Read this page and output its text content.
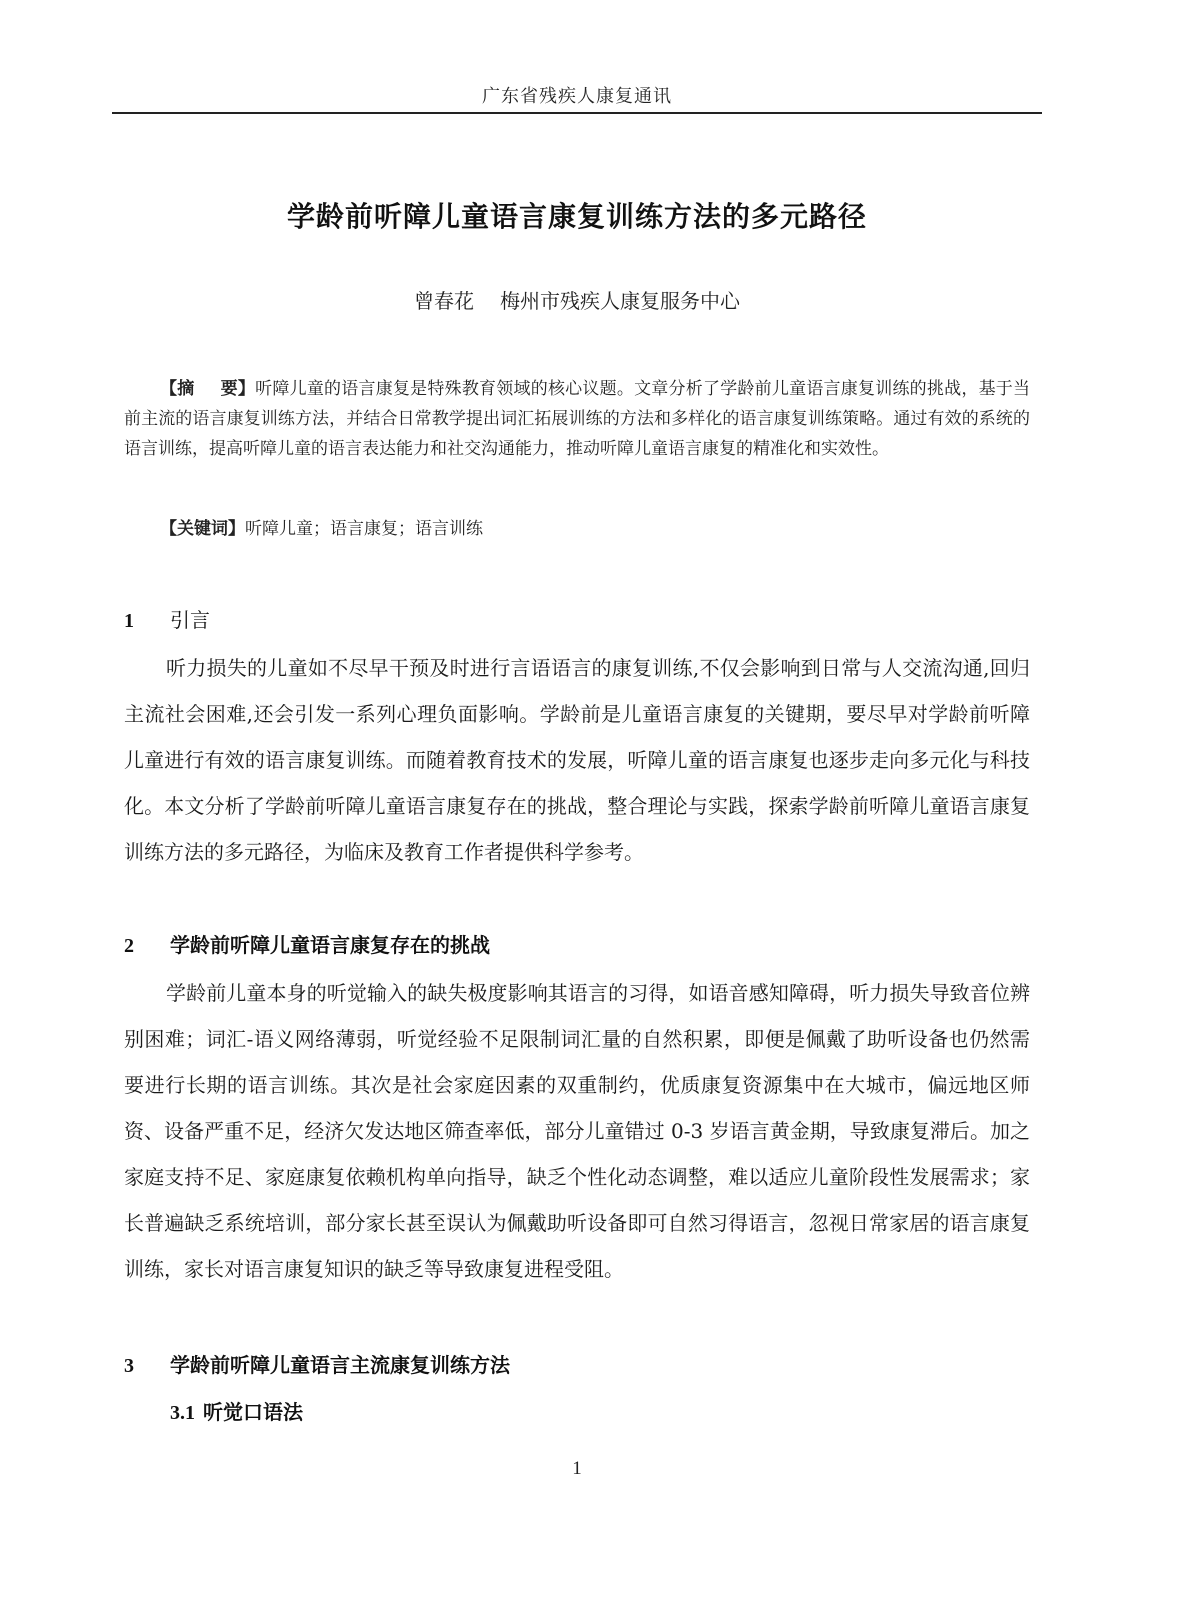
广东省残疾人康复通讯
学龄前听障儿童语言康复训练方法的多元路径
曾春花 梅州市残疾人康复服务中心
【摘 要】听障儿童的语言康复是特殊教育领域的核心议题。文章分析了学龄前儿童语言康复训练的挑战，基于当前主流的语言康复训练方法，并结合日常教学提出词汇拓展训练的方法和多样化的语言康复训练策略。通过有效的系统的语言训练，提高听障儿童的语言表达能力和社交沟通能力，推动听障儿童语言康复的精准化和实效性。
【关键词】听障儿童；语言康复；语言训练
1 引言
听力损失的儿童如不尽早干预及时进行言语语言的康复训练,不仅会影响到日常与人交流沟通,回归主流社会困难,还会引发一系列心理负面影响。学龄前是儿童语言康复的关键期，要尽早对学龄前听障儿童进行有效的语言康复训练。而随着教育技术的发展，听障儿童的语言康复也逐步走向多元化与科技化。本文分析了学龄前听障儿童语言康复存在的挑战，整合理论与实践，探索学龄前听障儿童语言康复训练方法的多元路径，为临床及教育工作者提供科学参考。
2 学龄前听障儿童语言康复存在的挑战
学龄前儿童本身的听觉输入的缺失极度影响其语言的习得，如语音感知障碍，听力损失导致音位辨别困难；词汇-语义网络薄弱，听觉经验不足限制词汇量的自然积累，即便是佩戴了助听设备也仍然需要进行长期的语言训练。其次是社会家庭因素的双重制约，优质康复资源集中在大城市，偏远地区师资、设备严重不足，经济欠发达地区筛查率低，部分儿童错过 0-3 岁语言黄金期，导致康复滞后。加之家庭支持不足、家庭康复依赖机构单向指导，缺乏个性化动态调整，难以适应儿童阶段性发展需求；家长普遍缺乏系统培训，部分家长甚至误认为佩戴助听设备即可自然习得语言，忽视日常家居的语言康复训练，家长对语言康复知识的缺乏等导致康复进程受阻。
3 学龄前听障儿童语言主流康复训练方法
3.1 听觉口语法
1
